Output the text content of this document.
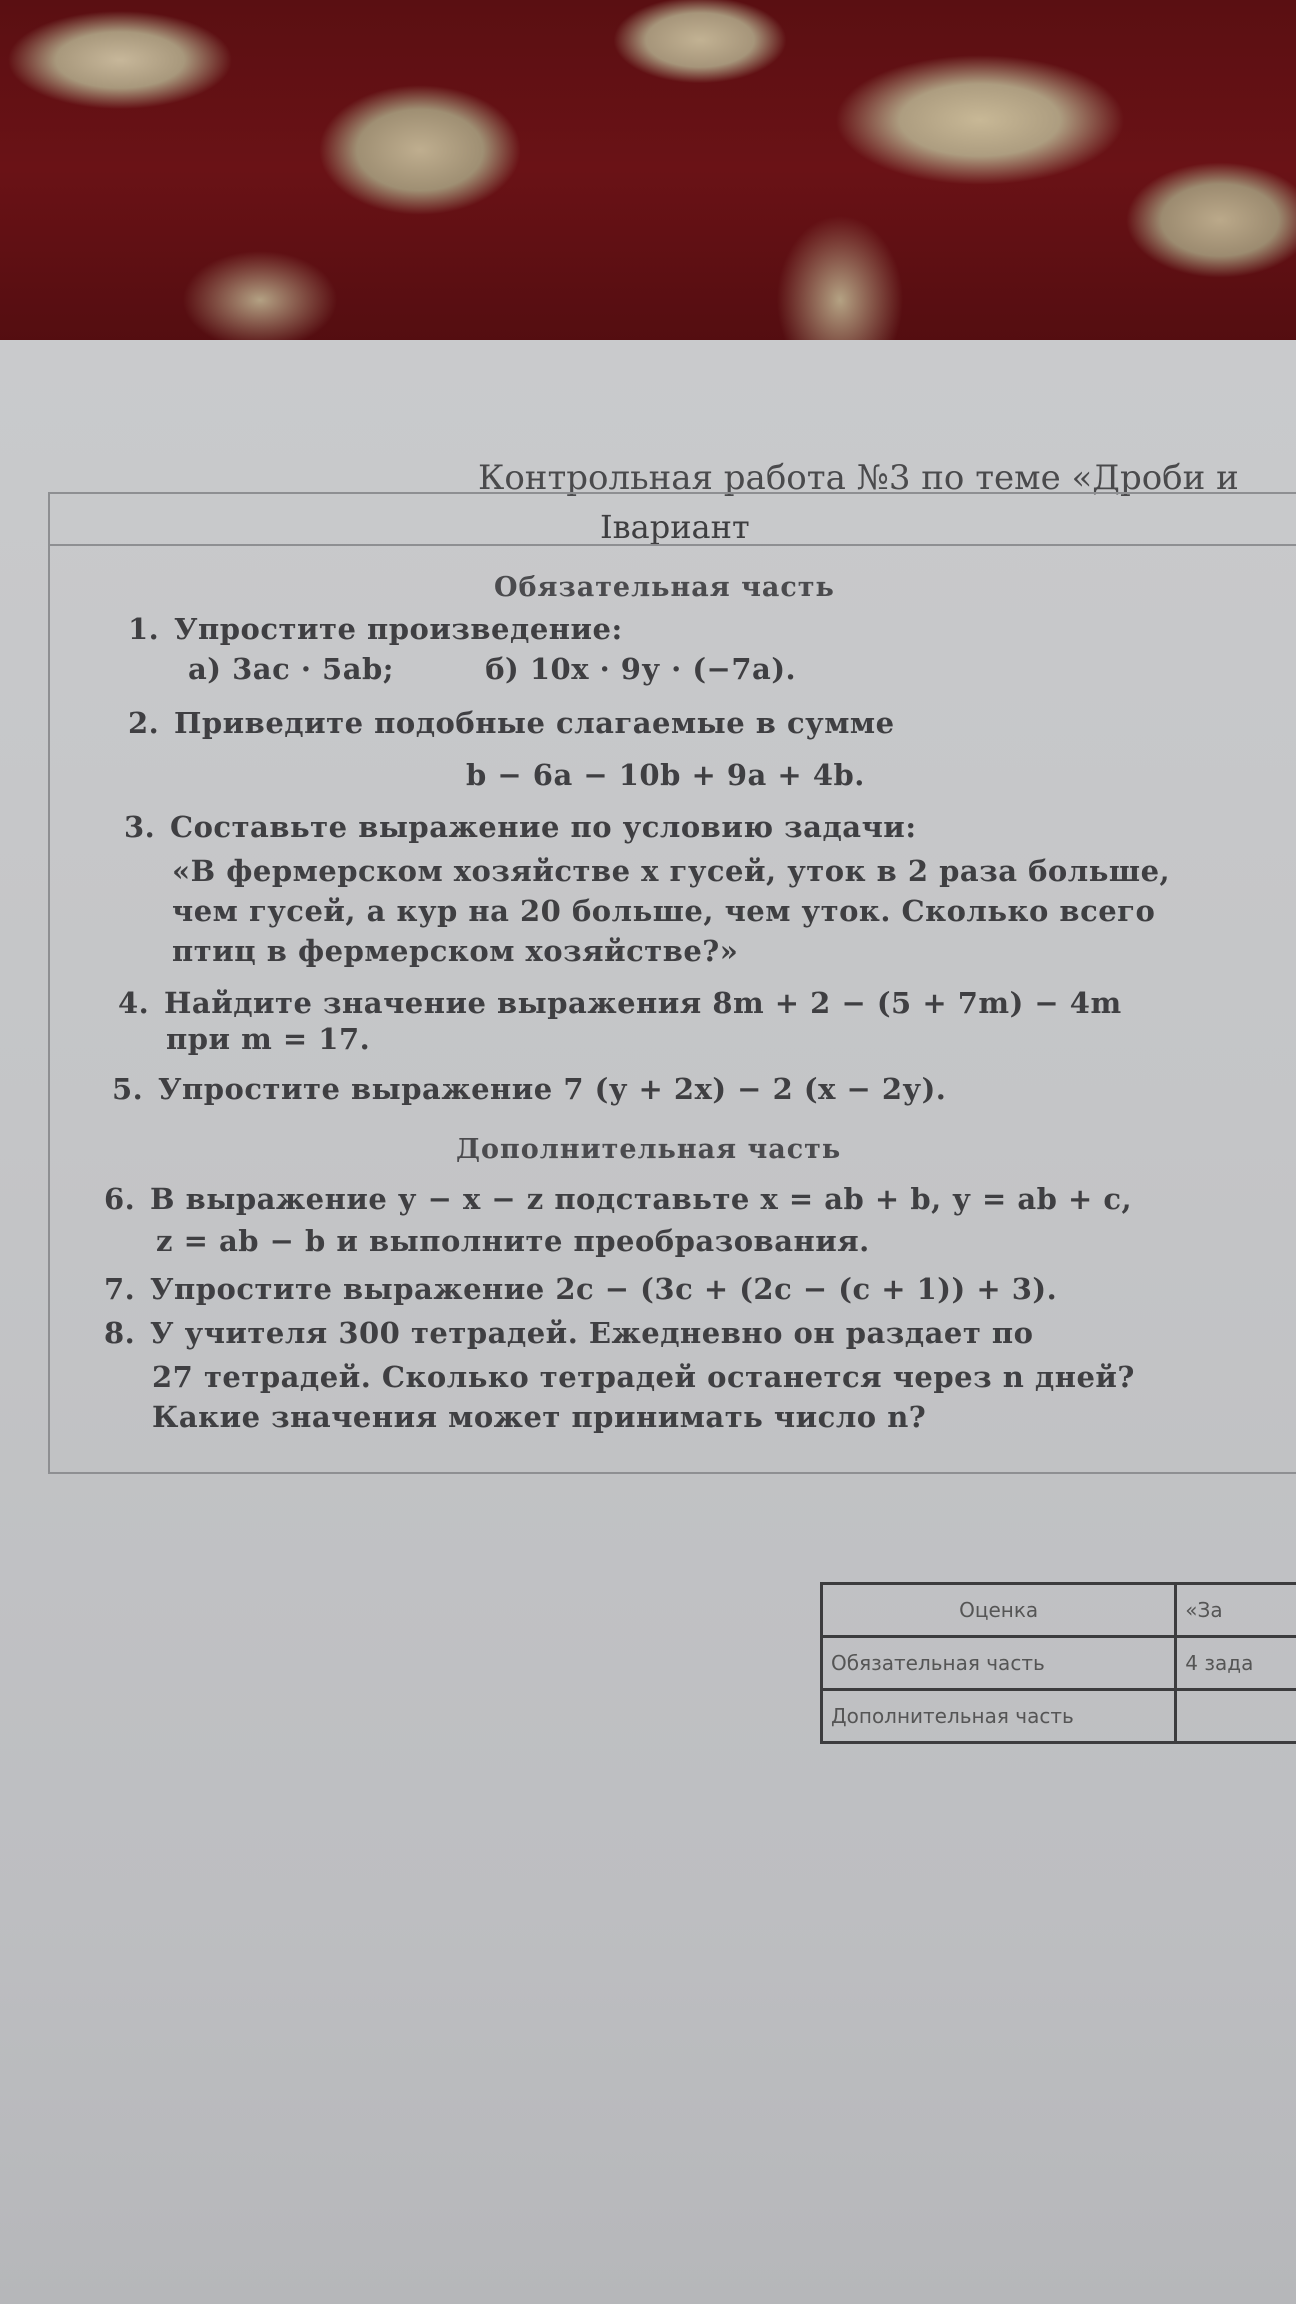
Контрольная работа №3 по теме «Дроби и
Iвариант
Обязательная часть
1. Упростите произведение:
а) 3ас · 5аb;	б) 10х · 9у · (−7а).
2. Приведите подобные слагаемые в сумме
b − 6a − 10b + 9a + 4b.
3. Составьте выражение по условию задачи:
«В фермерском хозяйстве x гусей, уток в 2 раза больше,
чем гусей, а кур на 20 больше, чем уток. Сколько всего
птиц в фермерском хозяйстве?»
4. Найдите значение выражения 8m + 2 − (5 + 7m) − 4m
при m = 17.
5. Упростите выражение 7 (у + 2х) − 2 (х − 2у).
Дополнительная часть
6. В выражение у − х − z подставьте х = аb + b, у = аb + с,
z = ab − b и выполните преобразования.
7. Упростите выражение 2с − (3с + (2с − (с + 1)) + 3).
8. У учителя 300 тетрадей. Ежедневно он раздает по
27 тетрадей. Сколько тетрадей останется через n дней?
Какие значения может принимать число n?
Оценка	«За
Обязательная часть	4 зада
Дополнительная часть	
